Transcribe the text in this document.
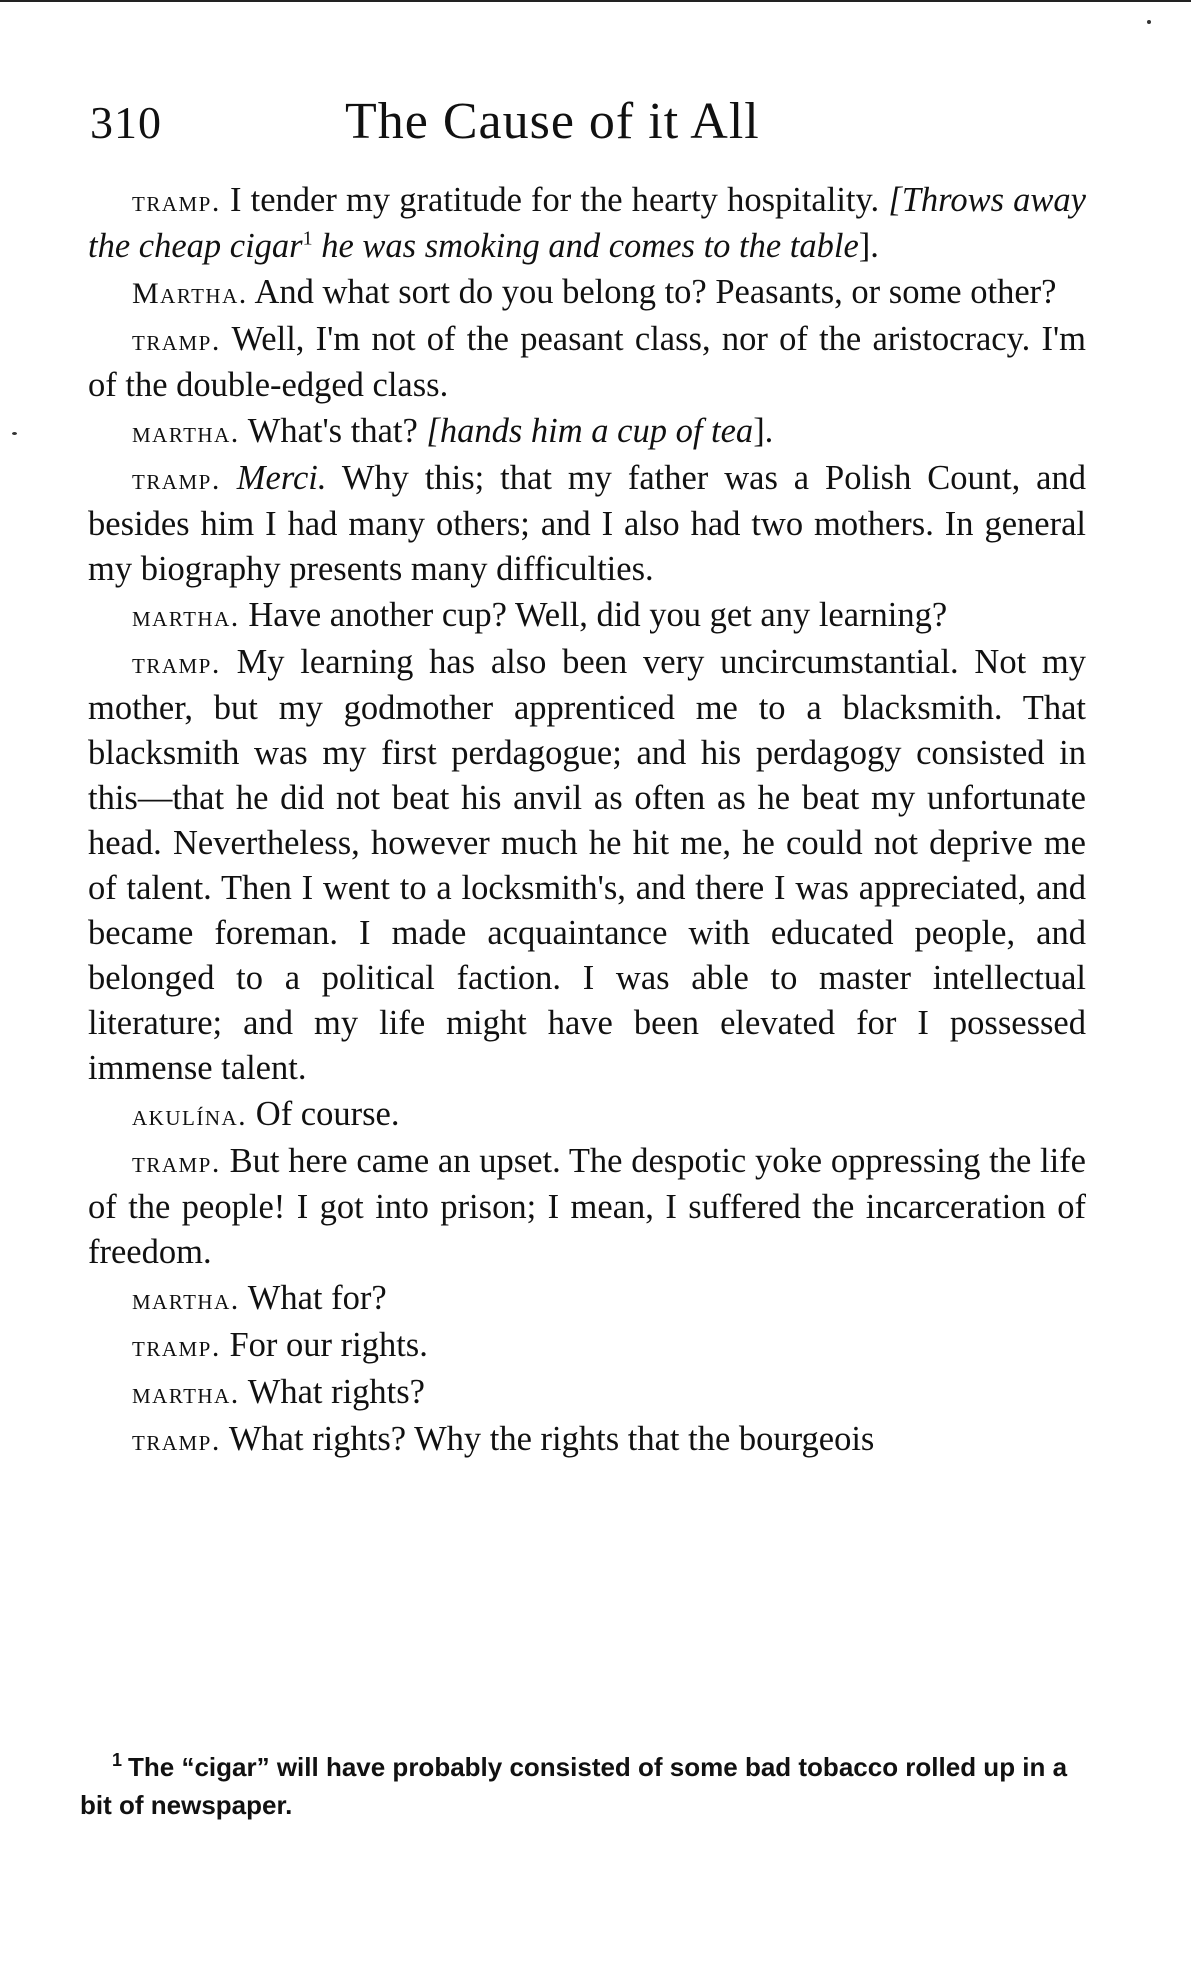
310	The Cause of it All

tramp. I tender my gratitude for the hearty hospitality. [Throws away the cheap cigar$^1$ he was smoking and comes to the table].

Martha. And what sort do you belong to? Peasants, or some other?

tramp. Well, I'm not of the peasant class, nor of the aristocracy. I'm of the double-edged class.

martha. What's that? [hands him a cup of tea].

tramp. Merci. Why this; that my father was a Polish Count, and besides him I had many others; and I also had two mothers. In general my biography presents many difficulties.

martha. Have another cup? Well, did you get any learning?

tramp. My learning has also been very uncircumstantial. Not my mother, but my godmother apprenticed me to a blacksmith. That blacksmith was my first perdagogue; and his perdagogy consisted in this—that he did not beat his anvil as often as he beat my unfortunate head. Nevertheless, however much he hit me, he could not deprive me of talent. Then I went to a locksmith's, and there I was appreciated, and became foreman. I made acquaintance with educated people, and belonged to a political faction. I was able to master intellectual literature; and my life might have been elevated for I possessed immense talent.

akulína. Of course.

tramp. But here came an upset. The despotic yoke oppressing the life of the people! I got into prison; I mean, I suffered the incarceration of freedom.

martha. What for?

tramp. For our rights.

martha. What rights?

tramp. What rights? Why the rights that the bourgeois

$^1$ The “cigar” will have probably consisted of some bad tobacco rolled up in a bit of newspaper.
